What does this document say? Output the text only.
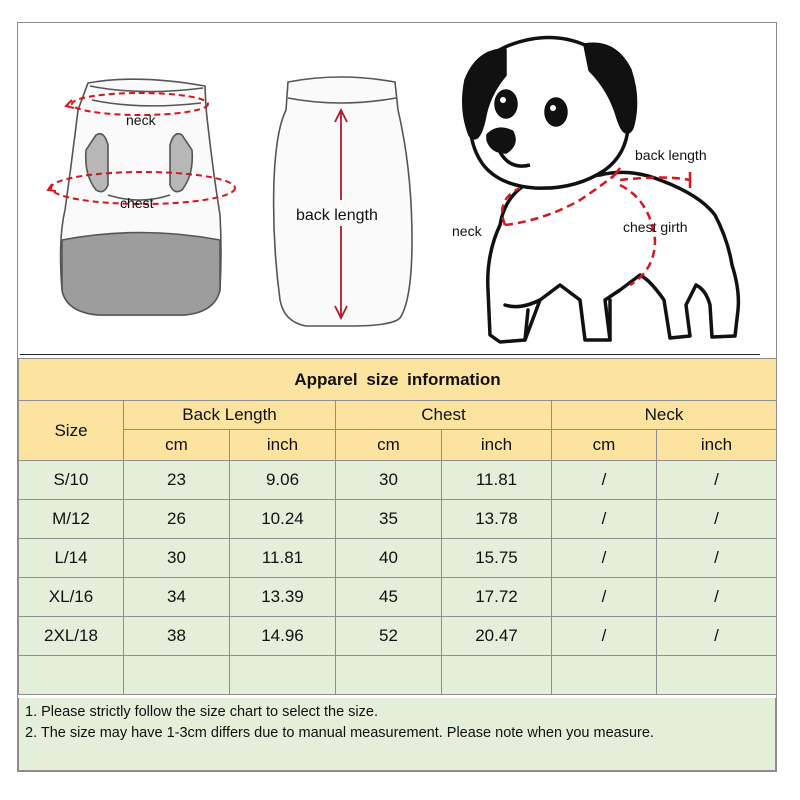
neck
chest
back length
back length
neck	chest girth
Apparel size information						
Size	Back Length		Chest		Neck	
	cm	inch	cm	inch	cm	inch
S/10	23	9.06	30	11.81	/	/
M/12	26	10.24	35	13.78	/	/
L/14	30	11.81	40	15.75	/	/
XL/16	34	13.39	45	17.72	/	/
2XL/18	38	14.96	52	20.47	/	/

1. Please strictly follow the size chart to select the size.
2. The size may have 1-3cm differs due to manual measurement. Please note when you measure.
